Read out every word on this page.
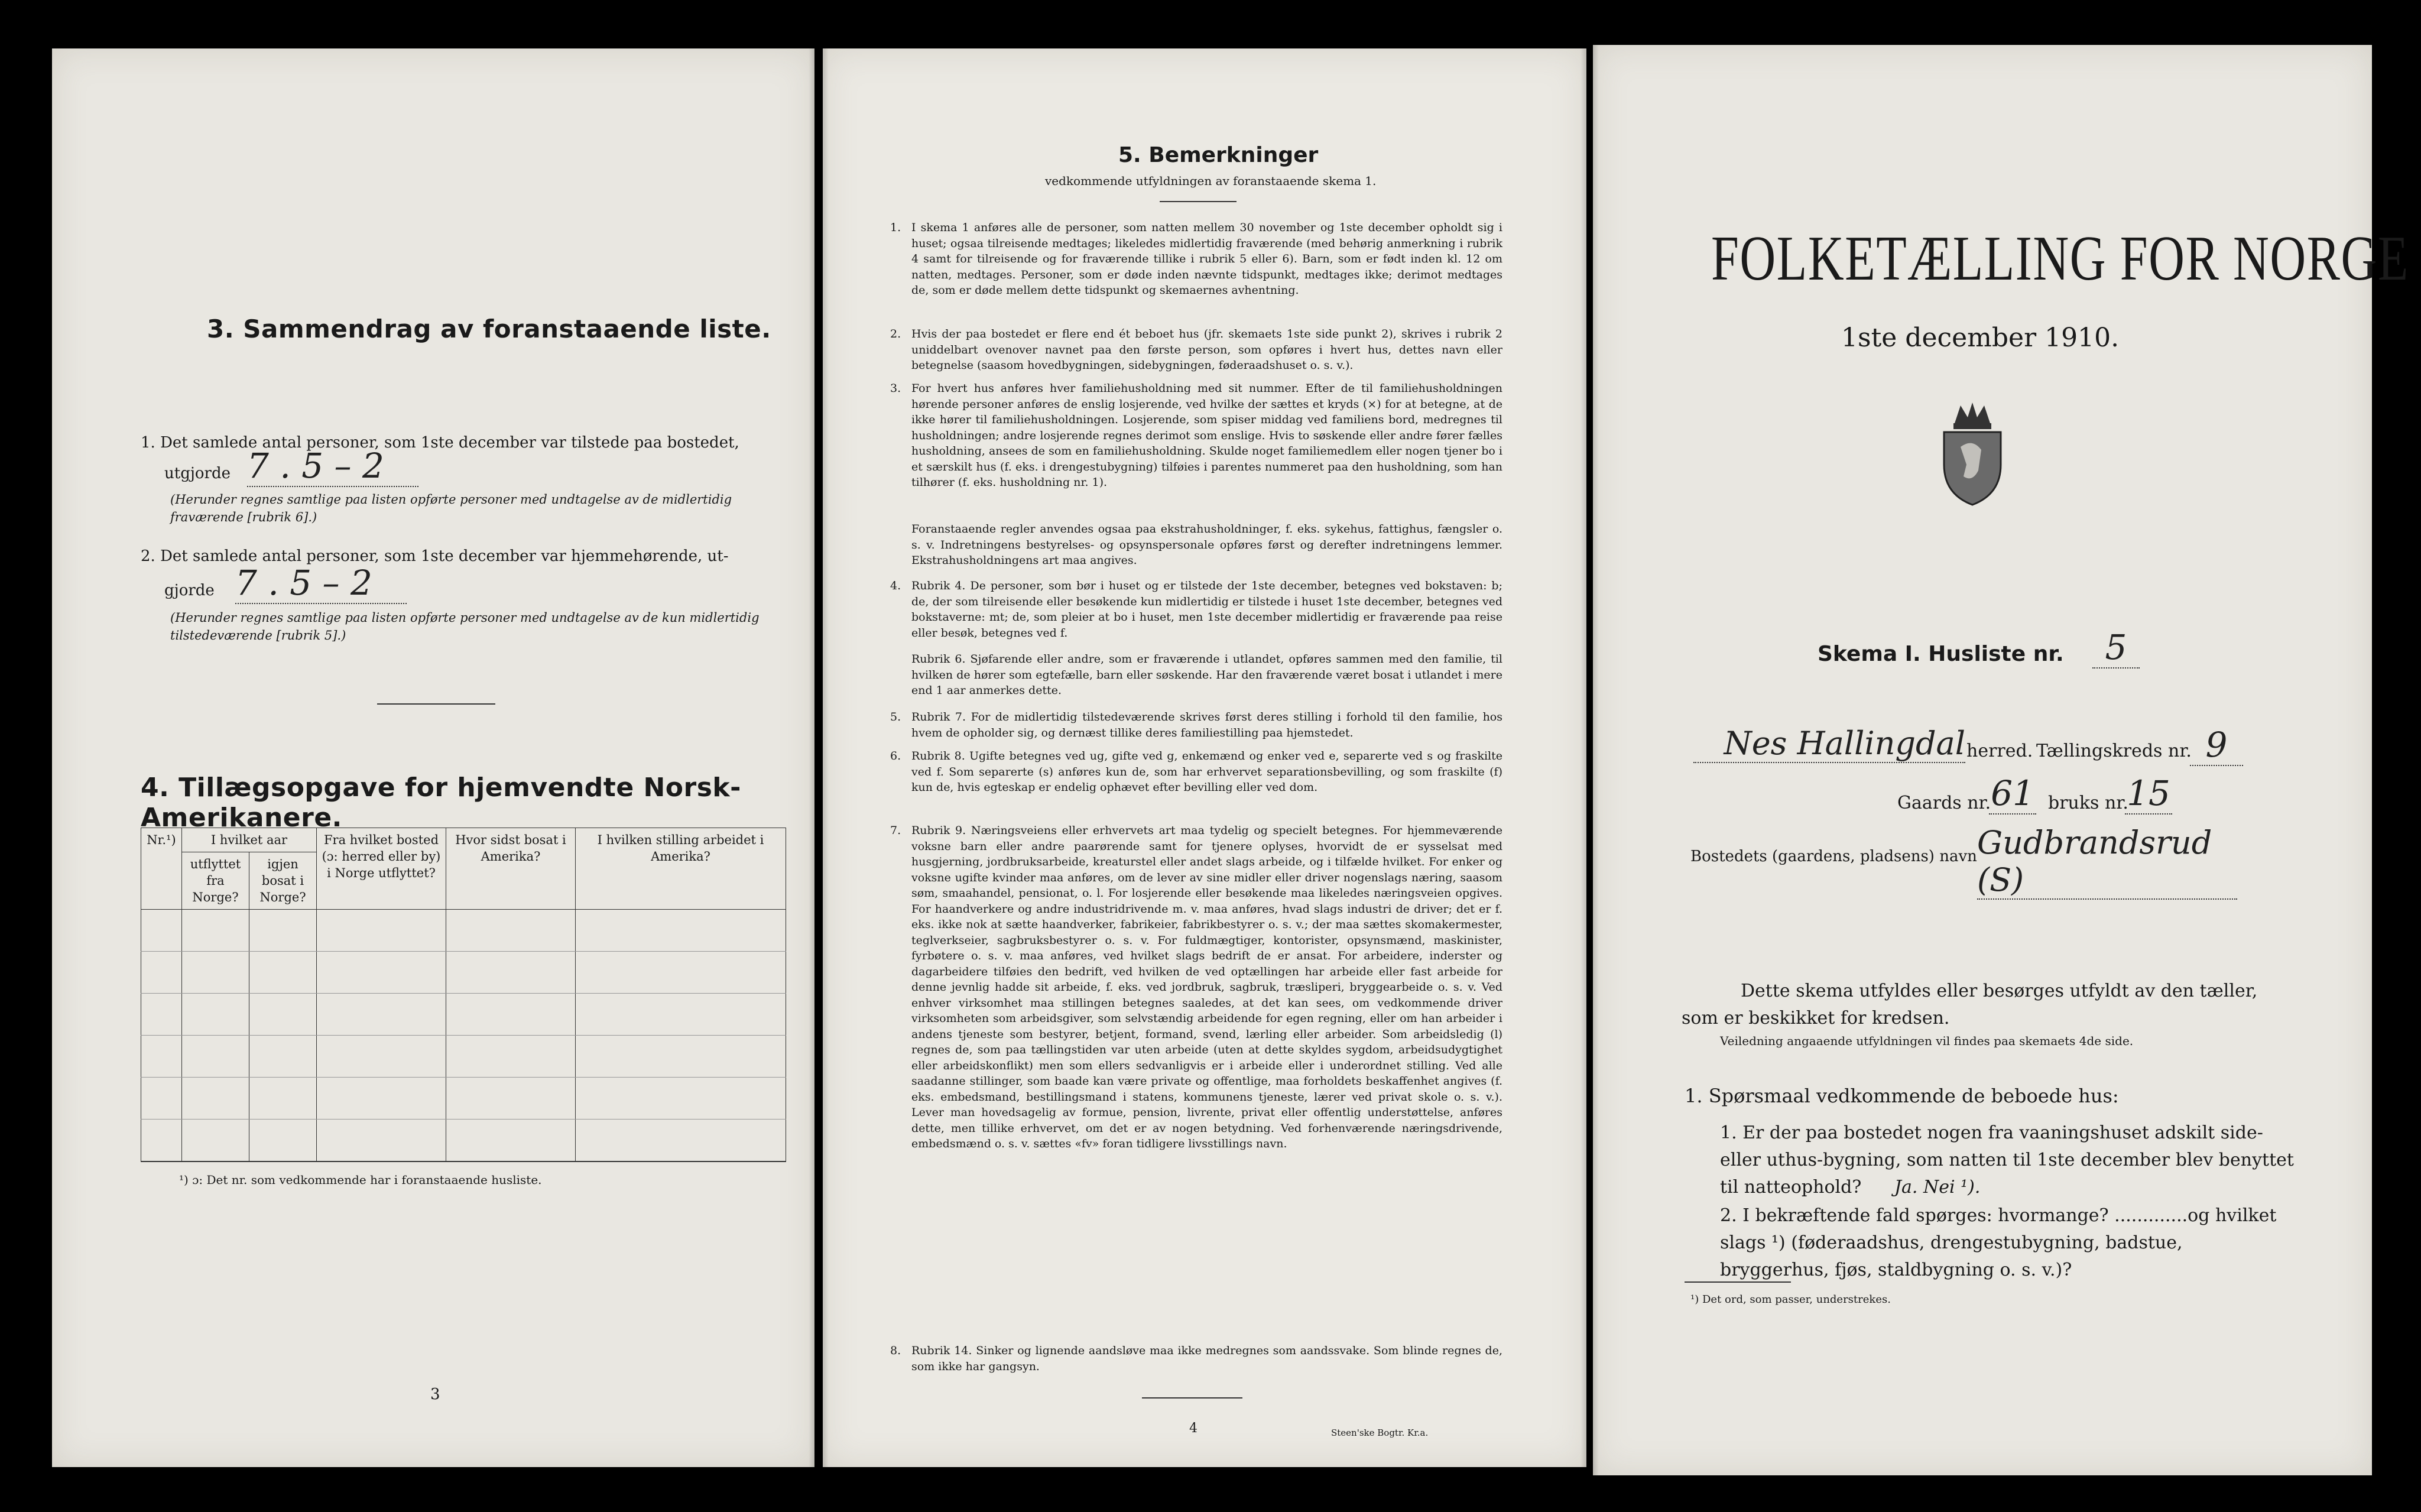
3. Sammendrag av foranstaaende liste.
1. Det samlede antal personer, som 1ste december var tilstede paa bostedet,
utgjorde 7 . 5 – 2
(Herunder regnes samtlige paa listen opførte personer med undtagelse av de midlertidig fraværende [rubrik 6].)
2. Det samlede antal personer, som 1ste december var hjemmehørende, ut-
gjorde 7 . 5 – 2
(Herunder regnes samtlige paa listen opførte personer med undtagelse av de kun midlertidig tilstedeværende [rubrik 5].)
4. Tillægsopgave for hjemvendte Norsk-Amerikanere.
Nr.¹)	I hvilket aar		Fra hvilket bosted (ɔ: herred eller by) i Norge utflyttet?	Hvor sidst bosat i Amerika?	I hvilken stilling arbeidet i Amerika?
	utflyttet fra Norge?	igjen bosat i Norge?			

¹) ɔ: Det nr. som vedkommende har i foranstaaende husliste.
3
5. Bemerkninger
vedkommende utfyldningen av foranstaaende skema 1.
1. I skema 1 anføres alle de personer, som natten mellem 30 november og 1ste december opholdt sig i huset; ogsaa tilreisende medtages; likeledes midlertidig fraværende (med behørig anmerkning i rubrik 4 samt for tilreisende og for fraværende tillike i rubrik 5 eller 6). Barn, som er født inden kl. 12 om natten, medtages. Personer, som er døde inden nævnte tidspunkt, medtages ikke; derimot medtages de, som er døde mellem dette tidspunkt og skemaernes avhentning.
2. Hvis der paa bostedet er flere end ét beboet hus (jfr. skemaets 1ste side punkt 2), skrives i rubrik 2 uniddelbart ovenover navnet paa den første person, som opføres i hvert hus, dettes navn eller betegnelse (saasom hovedbygningen, sidebygningen, føderaadshuset o. s. v.).
3. For hvert hus anføres hver familiehusholdning med sit nummer. Efter de til familiehusholdningen hørende personer anføres de enslig losjerende, ved hvilke der sættes et kryds (×) for at betegne, at de ikke hører til familiehusholdningen. Losjerende, som spiser middag ved familiens bord, medregnes til husholdningen; andre losjerende regnes derimot som enslige. Hvis to søskende eller andre fører fælles husholdning, ansees de som en familiehusholdning. Skulde noget familiemedlem eller nogen tjener bo i et særskilt hus (f. eks. i drengestubygning) tilføies i parentes nummeret paa den husholdning, som han tilhører (f. eks. husholdning nr. 1).
Foranstaaende regler anvendes ogsaa paa ekstrahusholdninger, f. eks. sykehus, fattighus, fængsler o. s. v. Indretningens bestyrelses- og opsynspersonale opføres først og derefter indretningens lemmer. Ekstrahusholdningens art maa angives.
4. Rubrik 4. De personer, som bør i huset og er tilstede der 1ste december, betegnes ved bokstaven: b; de, der som tilreisende eller besøkende kun midlertidig er tilstede i huset 1ste december, betegnes ved bokstaverne: mt; de, som pleier at bo i huset, men 1ste december midlertidig er fraværende paa reise eller besøk, betegnes ved f.
Rubrik 6. Sjøfarende eller andre, som er fraværende i utlandet, opføres sammen med den familie, til hvilken de hører som egtefælle, barn eller søskende. Har den fraværende været bosat i utlandet i mere end 1 aar anmerkes dette.
5. Rubrik 7. For de midlertidig tilstedeværende skrives først deres stilling i forhold til den familie, hos hvem de opholder sig, og dernæst tillike deres familiestilling paa hjemstedet.
6. Rubrik 8. Ugifte betegnes ved ug, gifte ved g, enkemænd og enker ved e, separerte ved s og fraskilte ved f. Som separerte (s) anføres kun de, som har erhvervet separationsbevilling, og som fraskilte (f) kun de, hvis egteskap er endelig ophævet efter bevilling eller ved dom.
7. Rubrik 9. Næringsveiens eller erhvervets art maa tydelig og specielt betegnes. For hjemmeværende voksne barn eller andre paarørende samt for tjenere oplyses, hvorvidt de er sysselsat med husgjerning, jordbruksarbeide, kreaturstel eller andet slags arbeide, og i tilfælde hvilket. For enker og voksne ugifte kvinder maa anføres, om de lever av sine midler eller driver nogenslags næring, saasom søm, smaahandel, pensionat, o. l. For losjerende eller besøkende maa likeledes næringsveien opgives. For haandverkere og andre industridrivende m. v. maa anføres, hvad slags industri de driver; det er f. eks. ikke nok at sætte haandverker, fabrikeier, fabrikbestyrer o. s. v.; der maa sættes skomakermester, teglverkseier, sagbruksbestyrer o. s. v. For fuldmægtiger, kontorister, opsynsmænd, maskinister, fyrbøtere o. s. v. maa anføres, ved hvilket slags bedrift de er ansat. For arbeidere, inderster og dagarbeidere tilføies den bedrift, ved hvilken de ved optællingen har arbeide eller fast arbeide for denne jevnlig hadde sit arbeide, f. eks. ved jordbruk, sagbruk, træsliperi, bryggearbeide o. s. v. Ved enhver virksomhet maa stillingen betegnes saaledes, at det kan sees, om vedkommende driver virksomheten som arbeidsgiver, som selvstændig arbeidende for egen regning, eller om han arbeider i andens tjeneste som bestyrer, betjent, formand, svend, lærling eller arbeider. Som arbeidsledig (l) regnes de, som paa tællingstiden var uten arbeide (uten at dette skyldes sygdom, arbeidsudygtighet eller arbeidskonflikt) men som ellers sedvanligvis er i arbeide eller i underordnet stilling. Ved alle saadanne stillinger, som baade kan være private og offentlige, maa forholdets beskaffenhet angives (f. eks. embedsmand, bestillingsmand i statens, kommunens tjeneste, lærer ved privat skole o. s. v.). Lever man hovedsagelig av formue, pension, livrente, privat eller offentlig understøttelse, anføres dette, men tillike erhvervet, om det er av nogen betydning. Ved forhenværende næringsdrivende, embedsmænd o. s. v. sættes «fv» foran tidligere livsstillings navn.
8. Rubrik 14. Sinker og lignende aandsløve maa ikke medregnes som aandssvake. Som blinde regnes de, som ikke har gangsyn.
4	Steen'ske Bogtr. Kr.a.
FOLKETÆLLING FOR NORGE
1ste december 1910.
Skema I. Husliste nr.	5
Nes Hallingdal herred. Tællingskreds nr. 9
Gaards nr. 61 bruks nr.
15
Bostedets (gaardens, pladsens) navn Gudbrandsrud (S)
Dette skema utfyldes eller besørges utfyldt av den tæller, som er beskikket for kredsen.
Veiledning angaaende utfyldningen vil findes paa skemaets 4de side.
1. Spørsmaal vedkommende de beboede hus:
1. Er der paa bostedet nogen fra vaaningshuset adskilt side- eller uthus-bygning, som natten til 1ste december blev benyttet til natteophold?	Ja. Nei ¹).
2. I bekræftende fald spørges: hvormange? .............og hvilket slags ¹) (føderaadshus, drengestubygning, badstue, bryggerhus, fjøs, staldbygning o. s. v.)?
¹) Det ord, som passer, understrekes.
